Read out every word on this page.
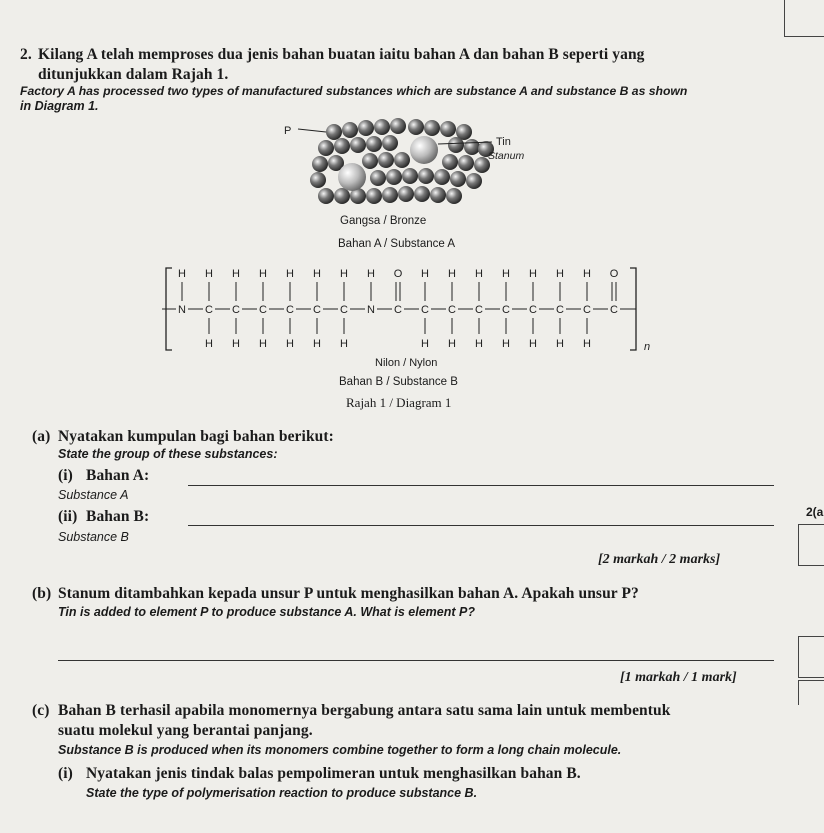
2. Kilang A telah memproses dua jenis bahan buatan iaitu bahan A dan bahan B seperti yang
ditunjukkan dalam Rajah 1.
Factory A has processed two types of manufactured substances which are substance A and substance B as shown
in Diagram 1.
P
Tin
Stanum
Gangsa / Bronze
Bahan A / Substance A
n
N
H
C
H
H
C
H
H
C
H
H
C
H
H
C
H
H
C
H
H
N
H
C
O
C
H
H
C
H
H
C
H
H
C
H
H
C
H
H
C
H
H
C
H
H
C
O
Nilon / Nylon
Bahan B / Substance B
Rajah 1 / Diagram 1
(a) Nyatakan kumpulan bagi bahan berikut:
State the group of these substances:
(i) Bahan A:
Substance A
(ii) Bahan B:
Substance B
[2 markah / 2 marks]
2(a
(b) Stanum ditambahkan kepada unsur P untuk menghasilkan bahan A. Apakah unsur P?
Tin is added to element P to produce substance A. What is element P?
[1 markah / 1 mark]
(c) Bahan B terhasil apabila monomernya bergabung antara satu sama lain untuk membentuk
suatu molekul yang berantai panjang.
Substance B is produced when its monomers combine together to form a long chain molecule.
(i) Nyatakan jenis tindak balas pempolimeran untuk menghasilkan bahan B.
State the type of polymerisation reaction to produce substance B.
